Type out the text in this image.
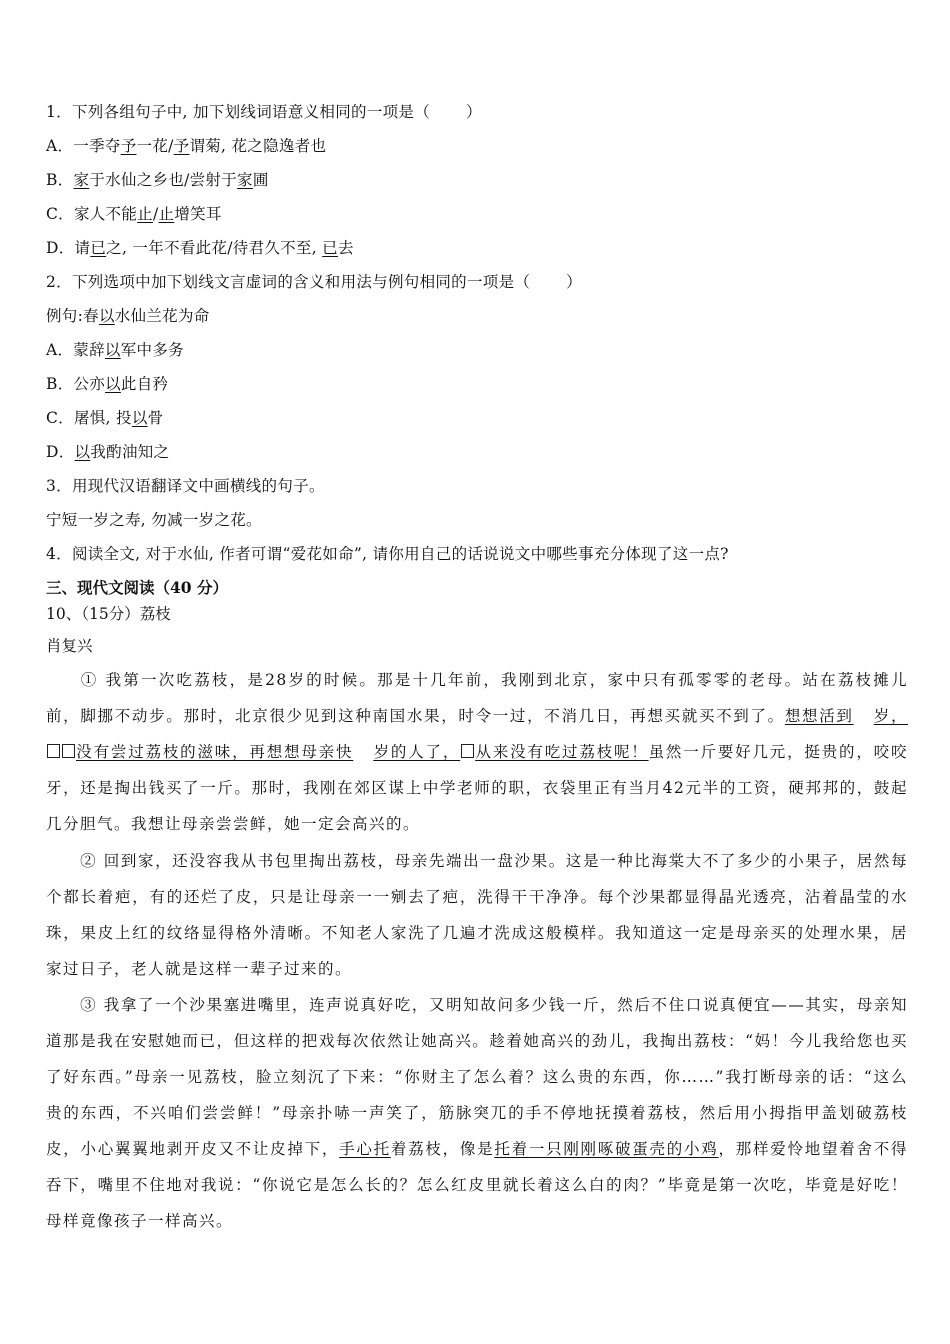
1．下列各组句子中, 加下划线词语意义相同的一项是（ ）
A．一季夺予一花/予谓菊, 花之隐逸者也
B．家于水仙之乡也/尝射于家圃
C．家人不能止/止增笑耳
D．请已之, 一年不看此花/待君久不至, 已去
2．下列选项中加下划线文言虚词的含义和用法与例句相同的一项是（ ）
例句:春以水仙兰花为命
A．蒙辞以军中多务
B．公亦以此自矜
C．屠惧, 投以骨
D．以我酌油知之
3．用现代汉语翻译文中画横线的句子。
宁短一岁之寿, 勿减一岁之花。
4．阅读全文, 对于水仙, 作者可谓“爱花如命”, 请你用自己的话说说文中哪些事充分体现了这一点?
三、现代文阅读（40 分）
10、（15分）荔枝
肖复兴
① 我第一次吃荔枝，是28岁的时候。那是十几年前，我刚到北京，家中只有孤零零的老母。站在荔枝摊儿前，脚挪不动步。那时，北京很少见到这种南国水果，时令一过，不消几日，再想买就买不到了。想想活到 岁，没有尝过荔枝的滋味，再想想母亲快 岁的人了， 从来没有吃过荔枝呢！虽然一斤要好几元，挺贵的，咬咬牙，还是掏出钱买了一斤。那时，我刚在郊区谋上中学老师的职，衣袋里正有当月42元半的工资，硬邦邦的，鼓起几分胆气。我想让母亲尝尝鲜，她一定会高兴的。
② 回到家，还没容我从书包里掏出荔枝，母亲先端出一盘沙果。这是一种比海棠大不了多少的小果子，居然每个都长着疤，有的还烂了皮，只是让母亲一一剜去了疤，洗得干干净净。每个沙果都显得晶光透亮，沾着晶莹的水珠，果皮上红的纹络显得格外清晰。不知老人家洗了几遍才洗成这般模样。我知道这一定是母亲买的处理水果，居家过日子，老人就是这样一辈子过来的。
③ 我拿了一个沙果塞进嘴里，连声说真好吃，又明知故问多少钱一斤，然后不住口说真便宜——其实，母亲知道那是我在安慰她而已，但这样的把戏每次依然让她高兴。趁着她高兴的劲儿，我掏出荔枝：“妈！今儿我给您也买了好东西。”母亲一见荔枝，脸立刻沉了下来：“你财主了怎么着？这么贵的东西，你……”我打断母亲的话：“这么贵的东西，不兴咱们尝尝鲜！”母亲扑哧一声笑了，筋脉突兀的手不停地抚摸着荔枝，然后用小拇指甲盖划破荔枝皮，小心翼翼地剥开皮又不让皮掉下，手心托着荔枝，像是托着一只刚刚啄破蛋壳的小鸡，那样爱怜地望着舍不得吞下，嘴里不住地对我说：“你说它是怎么长的？怎么红皮里就长着这么白的肉？”毕竟是第一次吃，毕竟是好吃！母样竟像孩子一样高兴。
